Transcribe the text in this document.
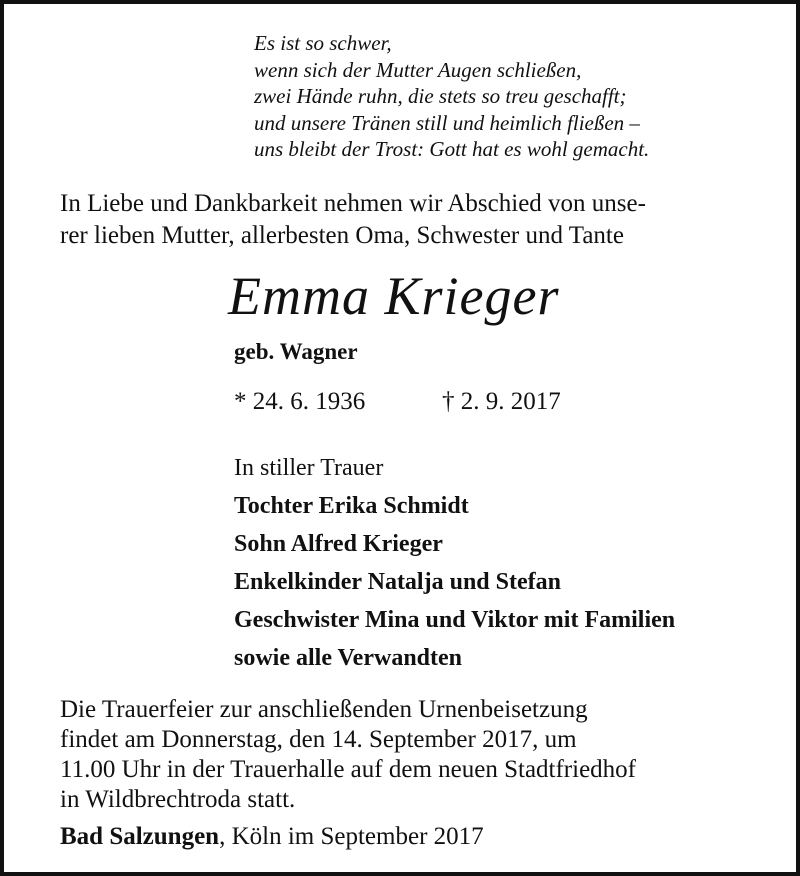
Es ist so schwer,
wenn sich der Mutter Augen schließen,
zwei Hände ruhn, die stets so treu geschafft;
und unsere Tränen still und heimlich fließen –
uns bleibt der Trost: Gott hat es wohl gemacht.
In Liebe und Dankbarkeit nehmen wir Abschied von unse-
rer lieben Mutter, allerbesten Oma, Schwester und Tante
Emma Krieger
geb. Wagner
* 24. 6. 1936	† 2. 9. 2017
In stiller Trauer
Tochter Erika Schmidt
Sohn Alfred Krieger
Enkelkinder Natalja und Stefan
Geschwister Mina und Viktor mit Familien
sowie alle Verwandten
Die Trauerfeier zur anschließenden Urnenbeisetzung
findet am Donnerstag, den 14. September 2017, um
11.00 Uhr in der Trauerhalle auf dem neuen Stadtfriedhof
in Wildbrechtroda statt.
Bad Salzungen, Köln im September 2017
